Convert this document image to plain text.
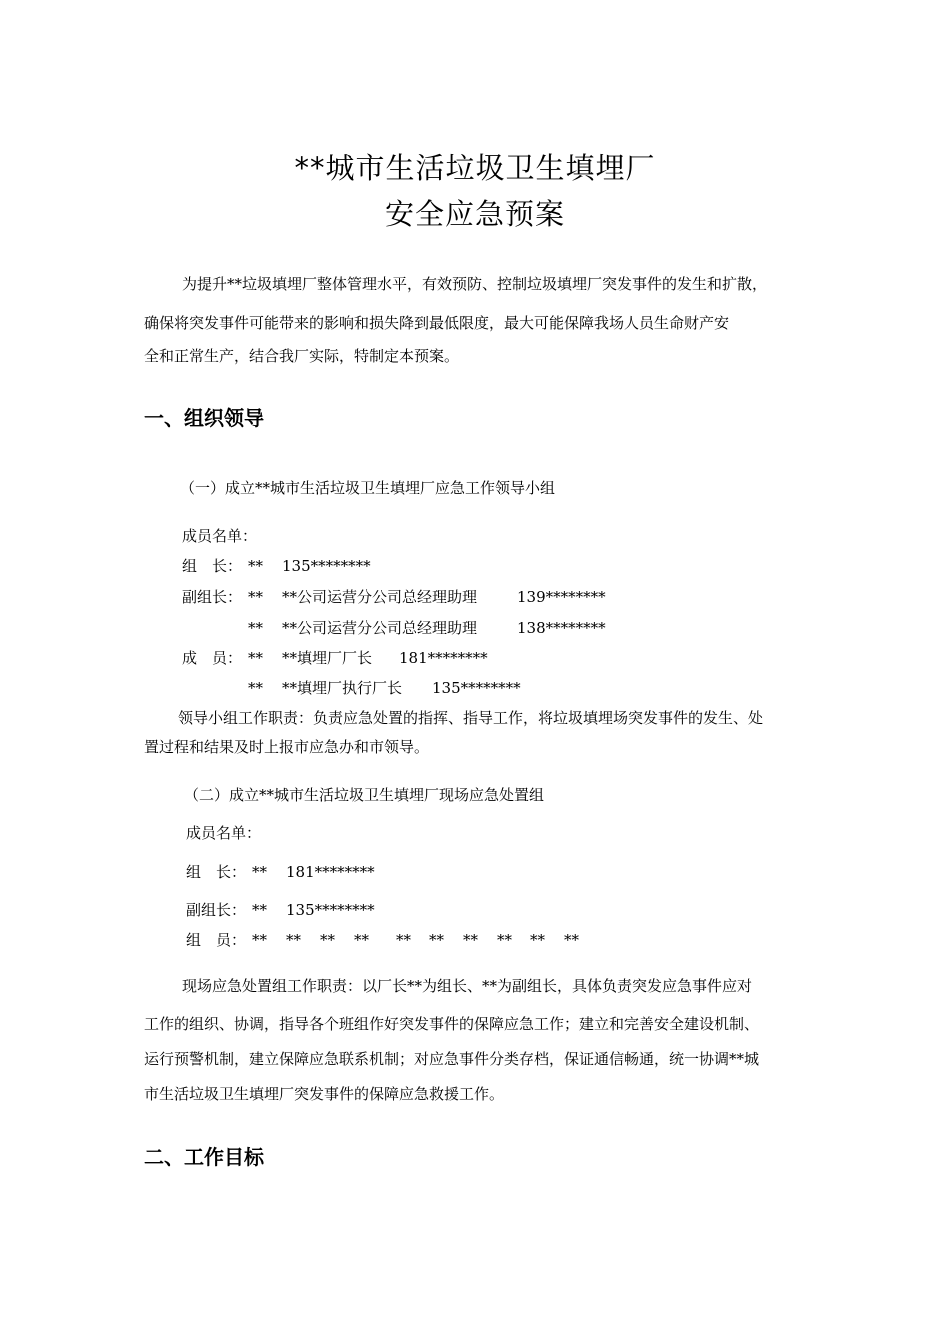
**城市生活垃圾卫生填埋厂
安全应急预案
为提升**垃圾填埋厂整体管理水平，有效预防、控制垃圾填埋厂突发事件的发生和扩散，
确保将突发事件可能带来的影响和损失降到最低限度，最大可能保障我场人员生命财产安
全和正常生产，结合我厂实际，特制定本预案。
一、组织领导
（一）成立**城市生活垃圾卫生填埋厂应急工作领导小组
成员名单：
组　长： ** 135********
副组长： ** **公司运营分公司总经理助理	139********
** **公司运营分公司总经理助理	138********
成　员： ** **填埋厂厂长 181********
** **填埋厂执行厂长 135********
领导小组工作职责：负责应急处置的指挥、指导工作，将垃圾填埋场突发事件的发生、处
置过程和结果及时上报市应急办和市领导。
（二）成立**城市生活垃圾卫生填埋厂现场应急处置组
成员名单：
组　长： ** 181********
副组长： ** 135********
组　员： ** ** ** ** ** ** ** ** ** **
现场应急处置组工作职责：以厂长**为组长、**为副组长，具体负责突发应急事件应对
工作的组织、协调，指导各个班组作好突发事件的保障应急工作；建立和完善安全建设机制、
运行预警机制，建立保障应急联系机制；对应急事件分类存档，保证通信畅通，统一协调**城
市生活垃圾卫生填埋厂突发事件的保障应急救援工作。
二、工作目标
